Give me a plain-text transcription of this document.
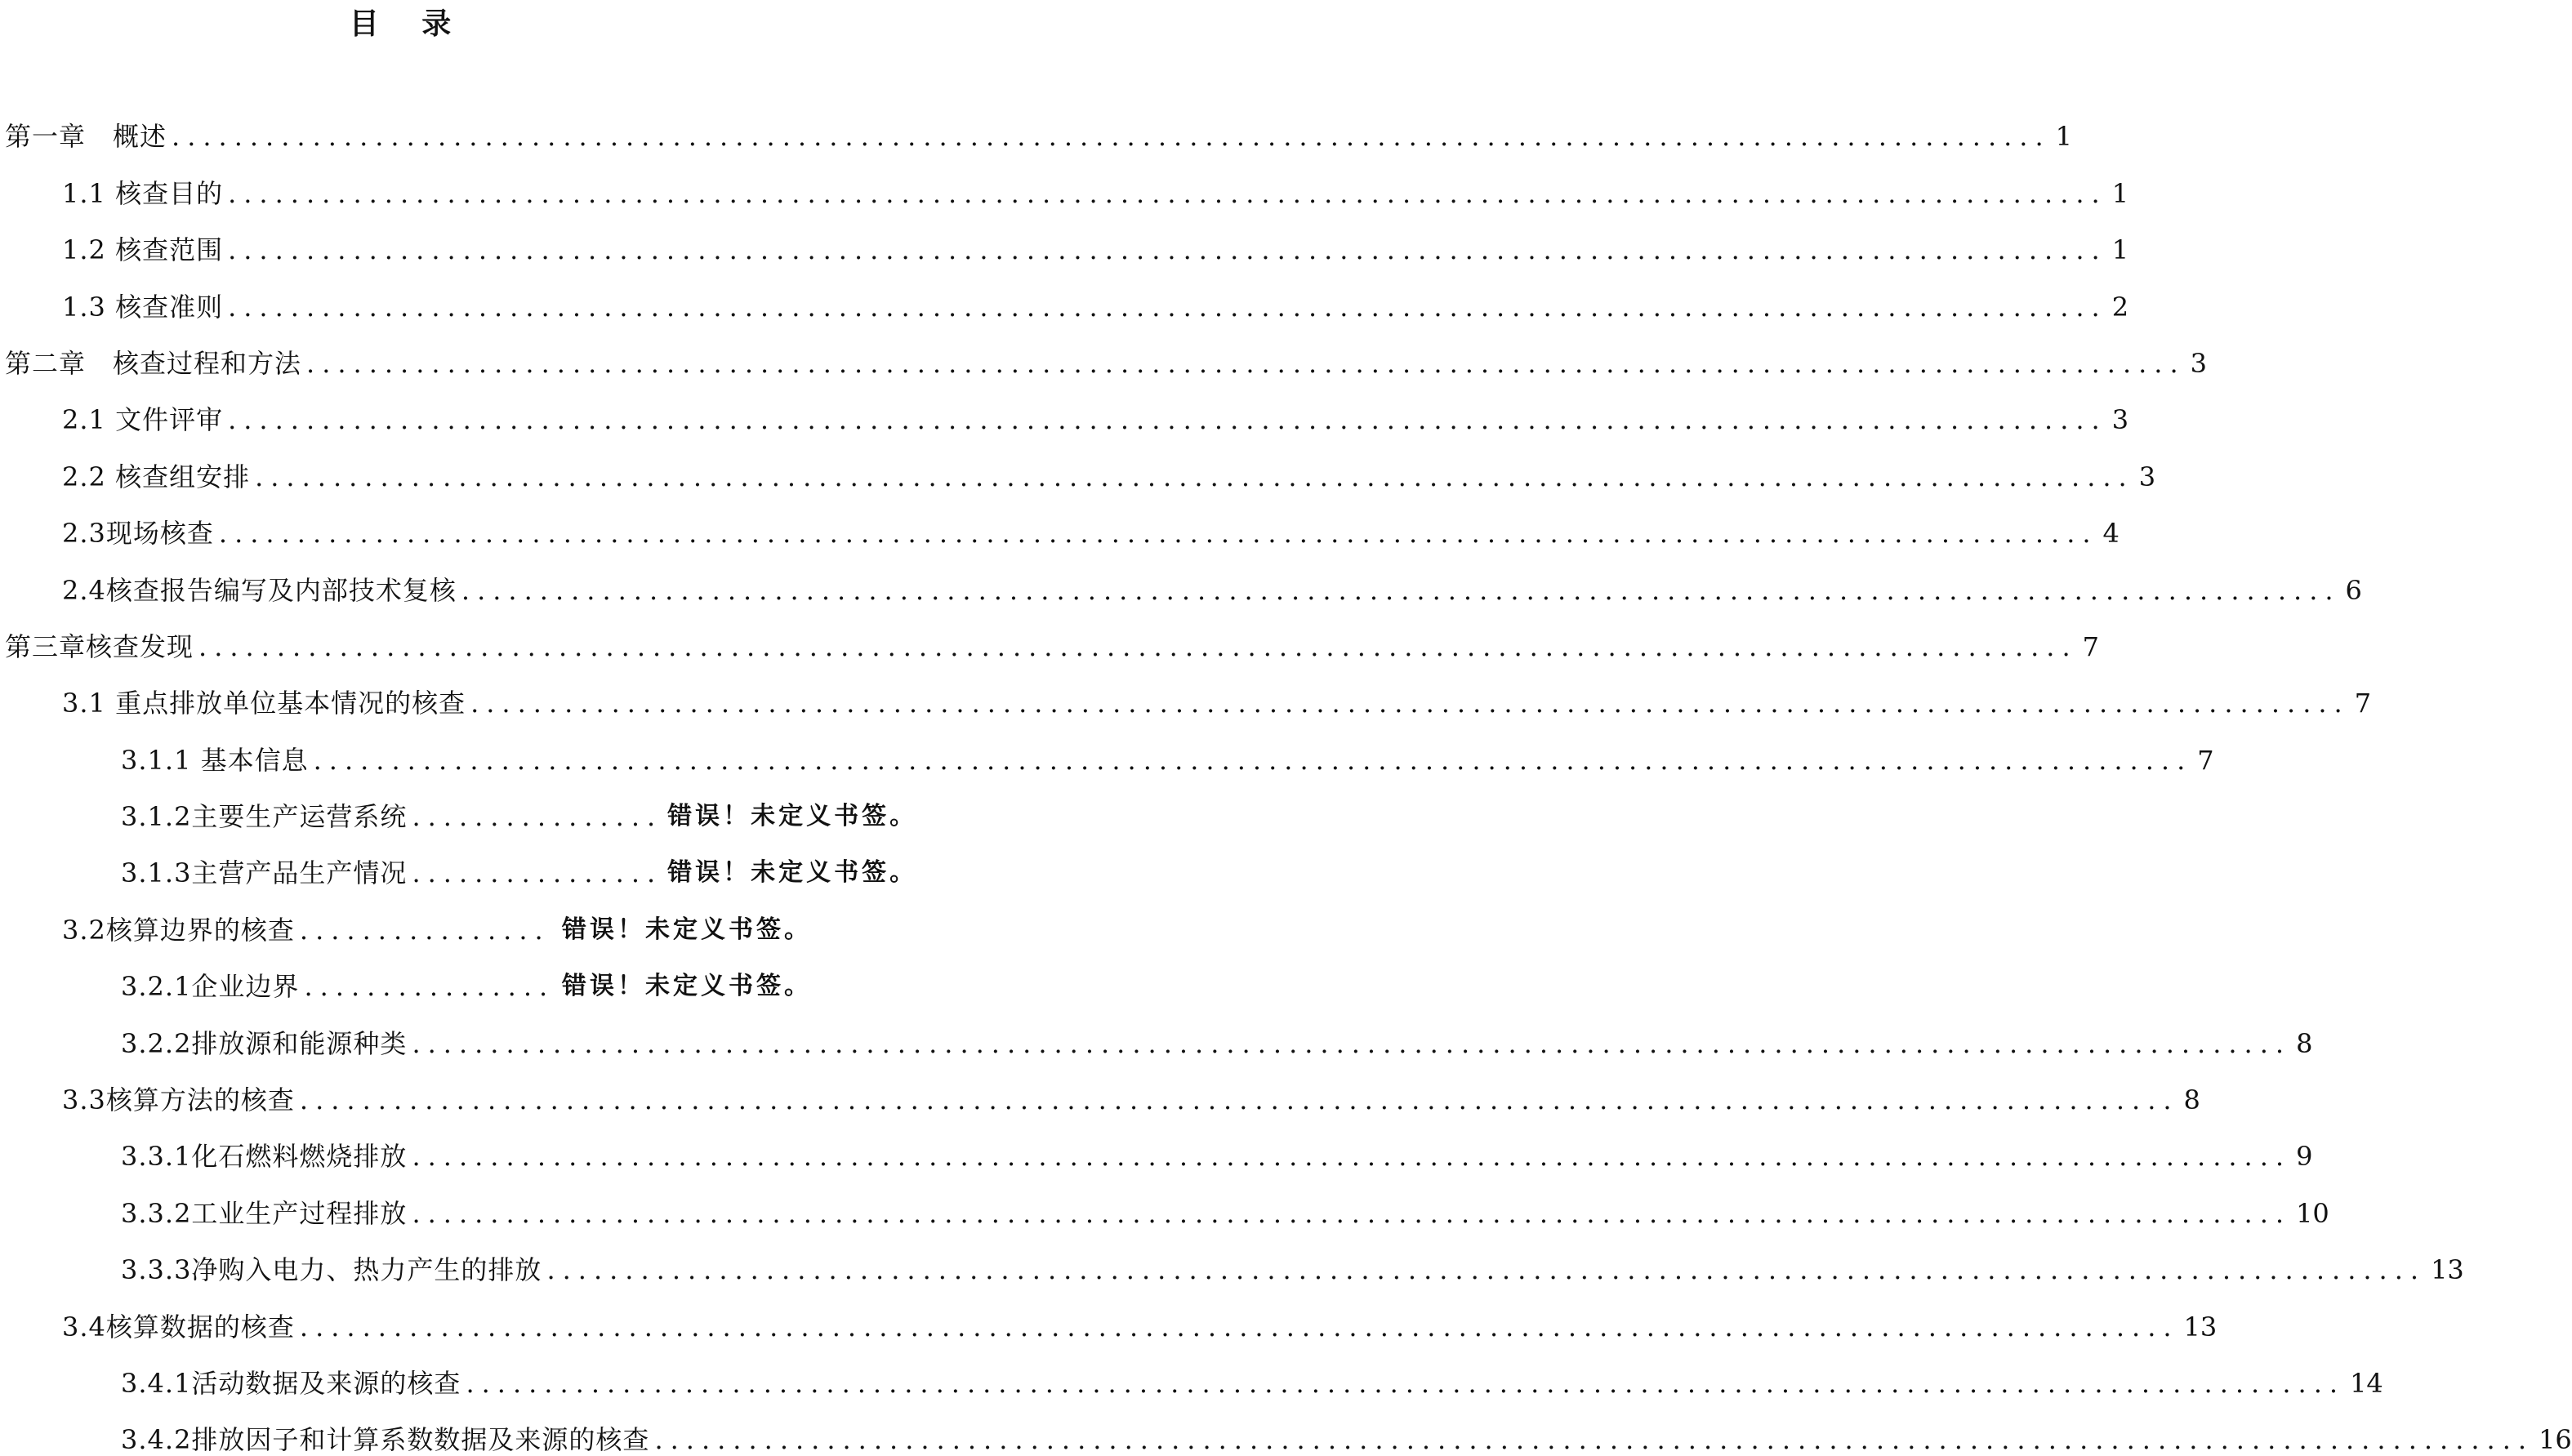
目 录
第一章　概述 ........................................................................................................................ 1
1.1 核查目的 ........................................................................................................................ 1
1.2 核查范围 ........................................................................................................................ 1
1.3 核查准则 ........................................................................................................................ 2
第二章　核查过程和方法 ........................................................................................................................ 3
2.1 文件评审 ........................................................................................................................ 3
2.2 核查组安排 ........................................................................................................................ 3
2.3现场核查 ........................................................................................................................ 4
2.4核查报告编写及内部技术复核 ........................................................................................................................ 6
第三章核查发现 ........................................................................................................................ 7
3.1 重点排放单位基本情况的核查 ........................................................................................................................ 7
3.1.1 基本信息 ........................................................................................................................ 7
3.1.2主要生产运营系统 ................ 错误！未定义书签。
3.1.3主营产品生产情况 ................ 错误！未定义书签。
3.2核算边界的核查 ................ 错误！未定义书签。
3.2.1企业边界 ................ 错误！未定义书签。
3.2.2排放源和能源种类 ........................................................................................................................ 8
3.3核算方法的核查 ........................................................................................................................ 8
3.3.1化石燃料燃烧排放 ........................................................................................................................ 9
3.3.2工业生产过程排放 ........................................................................................................................ 10
3.3.3净购入电力、热力产生的排放 ........................................................................................................................ 13
3.4核算数据的核查 ........................................................................................................................ 13
3.4.1活动数据及来源的核查 ........................................................................................................................ 14
3.4.2排放因子和计算系数数据及来源的核查 ........................................................................................................................ 16
